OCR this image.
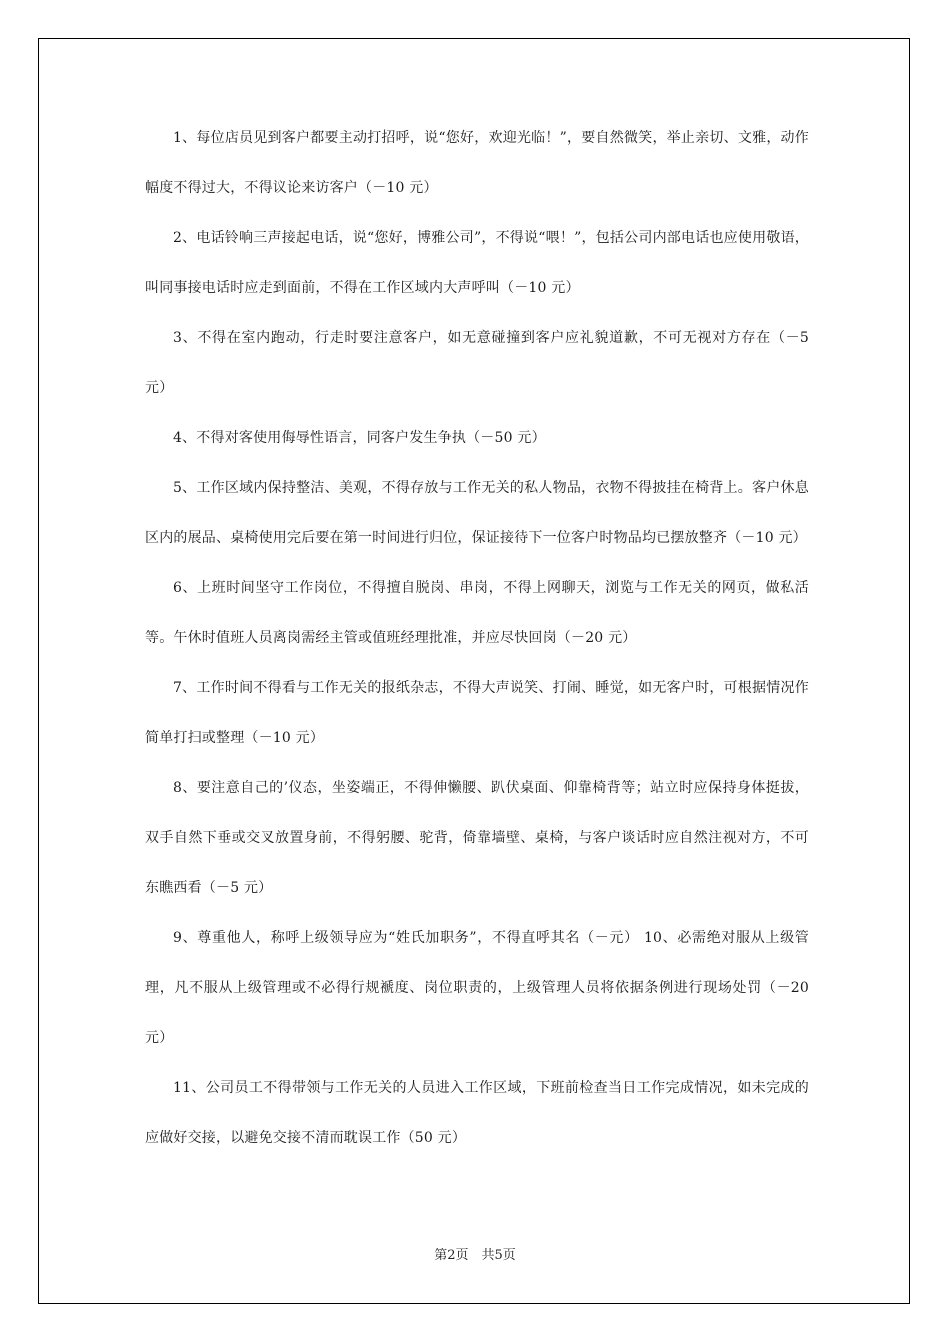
1、每位店员见到客户都要主动打招呼，说“您好，欢迎光临！”，要自然微笑，举止亲切、文雅，动作幅度不得过大，不得议论来访客户（－10 元）

2、电话铃响三声接起电话，说“您好，博雅公司”，不得说“喂！”，包括公司内部电话也应使用敬语，叫同事接电话时应走到面前，不得在工作区域内大声呼叫（－10 元）

3、不得在室内跑动，行走时要注意客户，如无意碰撞到客户应礼貌道歉，不可无视对方存在（－5 元）

4、不得对客使用侮辱性语言，同客户发生争执（－50 元）

5、工作区域内保持整洁、美观，不得存放与工作无关的私人物品，衣物不得披挂在椅背上。客户休息区内的展品、桌椅使用完后要在第一时间进行归位，保证接待下一位客户时物品均已摆放整齐（－10 元）

6、上班时间坚守工作岗位，不得擅自脱岗、串岗，不得上网聊天，浏览与工作无关的网页，做私活等。午休时值班人员离岗需经主管或值班经理批准，并应尽快回岗（－20 元）

7、工作时间不得看与工作无关的报纸杂志，不得大声说笑、打闹、睡觉，如无客户时，可根据情况作简单打扫或整理（－10 元）

8、要注意自己的’仪态，坐姿端正，不得伸懒腰、趴伏桌面、仰靠椅背等；站立时应保持身体挺拔，双手自然下垂或交叉放置身前，不得躬腰、驼背，倚靠墙壁、桌椅，与客户谈话时应自然注视对方，不可东瞧西看（－5 元）

9、尊重他人，称呼上级领导应为“姓氏加职务”，不得直呼其名（－元） 10、必需绝对服从上级管理，凡不服从上级管理或不必得行规褫度、岗位职责的，上级管理人员将依据条例进行现场处罚（－20 元）

11、公司员工不得带领与工作无关的人员进入工作区域，下班前检查当日工作完成情况，如未完成的应做好交接，以避免交接不清而耽误工作（50 元）

第2页　共5页
